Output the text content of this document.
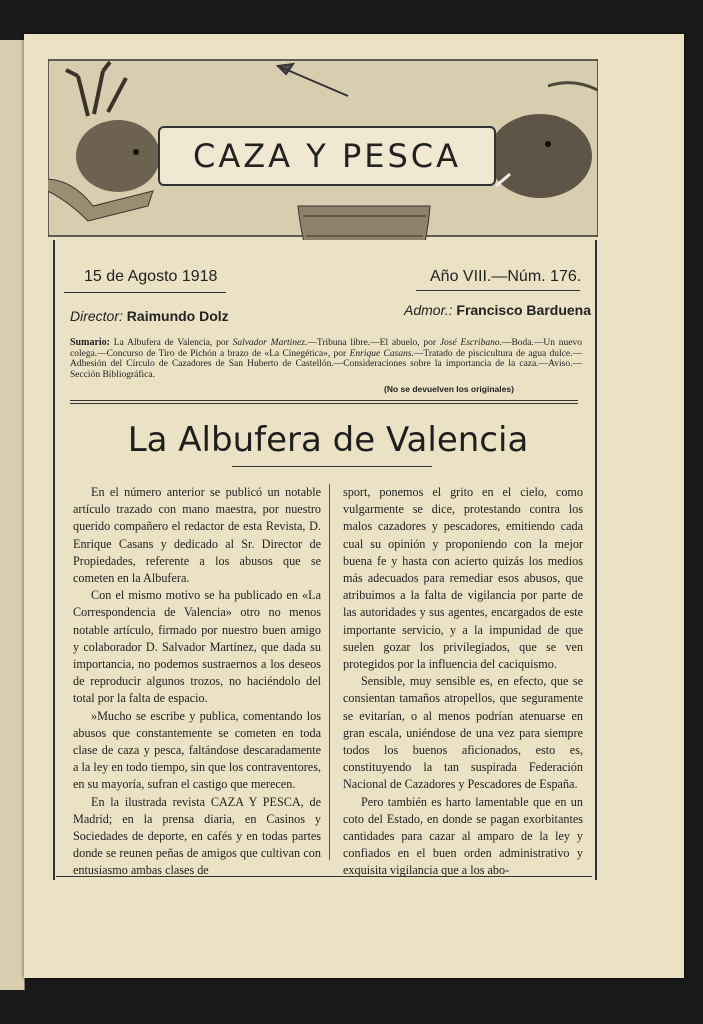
CAZA Y PESCA
15 de Agosto 1918	Año VIII.—Núm. 176.
Director: Raimundo Dolz	Admor.: Francisco Barduena
Sumario: La Albufera de Valencia, por Salvador Martinez.—Tribuna libre.—El abuelo, por José Escribano.—Boda.—Un nuevo colega.—Concurso de Tiro de Pichón a brazo de «La Cinegética», por Enrique Casans.—Tratado de piscicultura de agua dulce.—Adhesión del Círculo de Cazadores de San Huberto de Castellón.—Consideraciones sobre la importancia de la caza.—Aviso.—Sección Bibliográfica.
(No se devuelven los originales)
La Albufera de Valencia

En el número anterior se publicó un notable artículo trazado con mano maestra, por nuestro querido compañero el redactor de esta Revista, D. Enrique Casans y dedicado al Sr. Director de Propiedades, referente a los abusos que se cometen en la Albufera.

Con el mismo motivo se ha publicado en «La Correspondencia de Valencia» otro no menos notable artículo, firmado por nuestro buen amigo y colaborador D. Salvador Martínez, que dada su importancia, no podemos sustraernos a los deseos de reproducir algunos trozos, no haciéndolo del total por la falta de espacio.

»Mucho se escribe y publica, comentando los abusos que constantemente se cometen en toda clase de caza y pesca, faltándose descaradamente a la ley en todo tiempo, sin que los contraventores, en su mayoría, sufran el castigo que merecen.

En la ilustrada revista CAZA Y PESCA, de Madrid; en la prensa diaria, en Casinos y Sociedades de deporte, en cafés y en todas partes donde se reunen peñas de amigos que cultivan con entusiasmo ambas clases de

sport, ponemos el grito en el cielo, como vulgarmente se dice, protestando contra los malos cazadores y pescadores, emitiendo cada cual su opinión y proponiendo con la mejor buena fe y hasta con acierto quizás los medios más adecuados para remediar esos abusos, que atribuimos a la falta de vigilancia por parte de las autoridades y sus agentes, encargados de este importante servicio, y a la impunidad de que suelen gozar los privilegiados, que se ven protegidos por la influencia del caciquismo.

Sensible, muy sensible es, en efecto, que se consientan tamaños atropellos, que seguramente se evitarían, o al menos podrían atenuarse en gran escala, uniéndose de una vez para siempre todos los buenos aficionados, esto es, constituyendo la tan suspirada Federación Nacional de Cazadores y Pescadores de España.

Pero también es harto lamentable que en un coto del Estado, en donde se pagan exorbitantes cantidades para cazar al amparo de la ley y confiados en el buen orden administrativo y exquisita vigilancia que a los abo-
